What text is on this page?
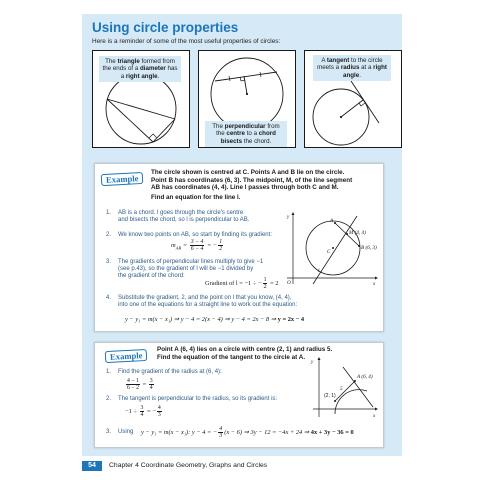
Using circle properties
Here is a reminder of some of the most useful properties of circles:
The triangle formed from the ends of a diameter has a right angle.
The perpendicular from the centre to a chord bisects the chord.
A tangent to the circle meets a radius at a right angle.
Example
The circle shown is centred at C. Points A and B lie on the circle.
Point B has coordinates (6, 3). The midpoint, M, of the line segment
AB has coordinates (4, 4). Line l passes through both C and M.
Find an equation for the line l.
1. AB is a chord. l goes through the circle's centre
and bisects the chord, so l is perpendicular to AB.
2. We know two points on AB, so start by finding its gradient:
$m_{AB} = \frac{3 - 4}{6 - 4}$ = − $\frac{1}{2}$
3. The gradients of perpendicular lines multiply to give −1
(see p.43), so the gradient of l will be −1 divided by
the gradient of the chord:
Gradient of l = −1 ÷ − $\frac{1}{2} = 2$
4. Substitute the gradient, 2, and the point on l that you know, (4, 4),
into one of the equations for a straight line to work out the equation:
y − y₁ = m(x − x₁) ⇒ y − 4 = 2(x − 4) ⇒ y − 4 = 2x − 8 ⇒ y = 2x − 4
x
y
O
A
B (6, 3)
M (4, 4)
C
l
Example
Point A (6, 4) lies on a circle with centre (2, 1) and radius 5.
Find the equation of the tangent to the circle at A.
1. Find the gradient of the radius at (6, 4):
$\frac{4 - 1}{6 - 2} = \frac{3}{4}$
2. The tangent is perpendicular to the radius, so its gradient is:
$-1 \div \frac{3}{4}$ = − $\frac{4}{3}$
3. Using y − y₁ = m(x − x₁): y − 4 = − $\frac{4}{3} (x - 6)$ ⇒ 3y − 12 = −4x + 24 ⇒ 4x + 3y − 36 = 0
x
y
A (6, 4)
(2, 1)
5
54	Chapter 4 Coordinate Geometry, Graphs and Circles
